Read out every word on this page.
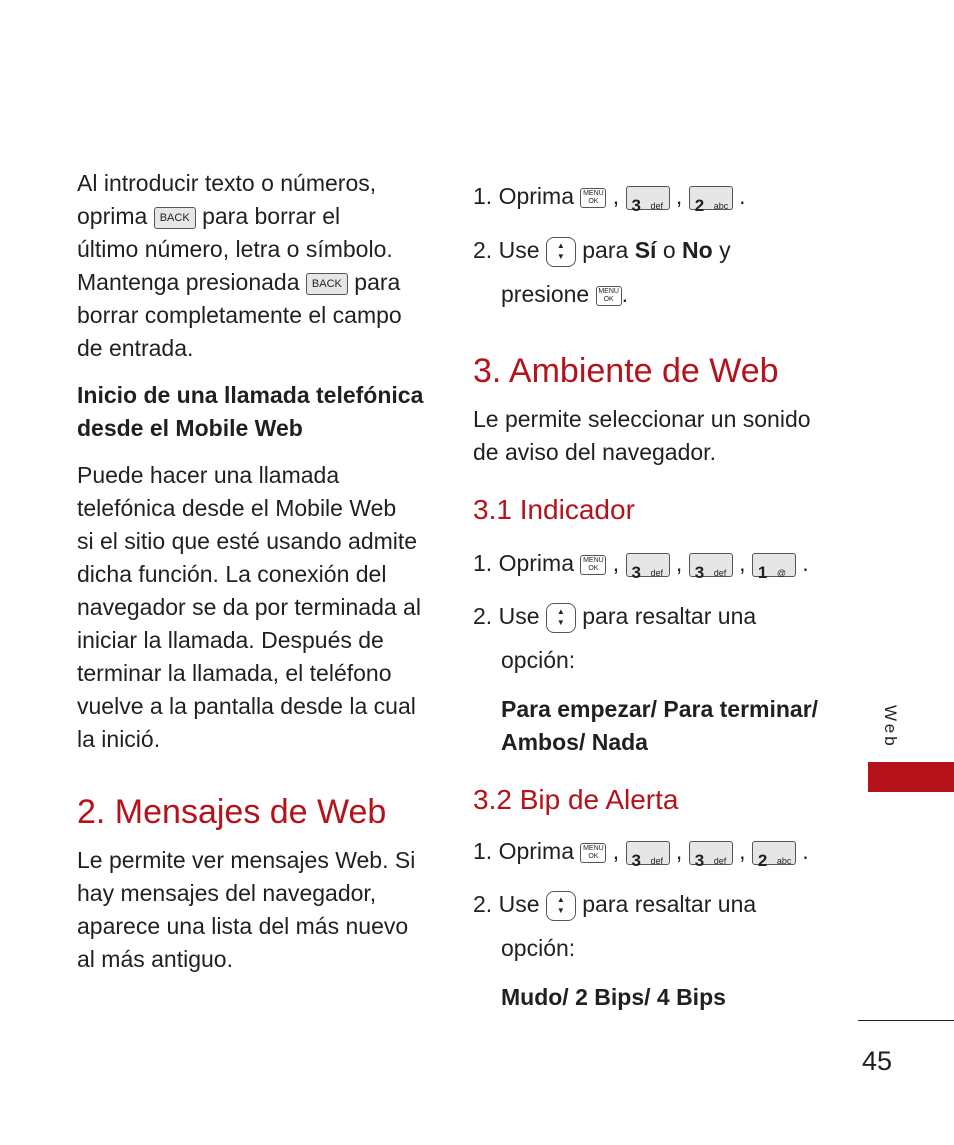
Al introducir texto o números,
oprima BACK para borrar el
último número, letra o símbolo.
Mantenga presionada BACK para
borrar completamente el campo
de entrada.

Inicio de una llamada telefónica
desde el Mobile Web

Puede hacer una llamada
telefónica desde el Mobile Web
si el sitio que esté usando admite
dicha función. La conexión del
navegador se da por terminada al
iniciar la llamada. Después de
terminar la llamada, el teléfono
vuelve a la pantalla desde la cual
la inició.

2. Mensajes de Web

Le permite ver mensajes Web. Si
hay mensajes del navegador,
aparece una lista del más nuevo
al más antiguo.

1. Oprima MENU
OK , 3 def , 2 abc .
2. Use ▲
▼ para Sí o No y
presione MENU
OK .
3. Ambiente de Web

Le permite seleccionar un sonido
de aviso del navegador.

3.1 Indicador
1. Oprima MENU
OK , 3 def , 3 def , 1 @ .
2. Use ▲
▼ para resaltar una
opción:

Para empezar/ Para terminar/
Ambos/ Nada

3.2 Bip de Alerta
1. Oprima MENU
OK , 3 def , 3 def , 2 abc .
2. Use ▲
▼ para resaltar una
opción:

Mudo/ 2 Bips/ 4 Bips

Web
45
